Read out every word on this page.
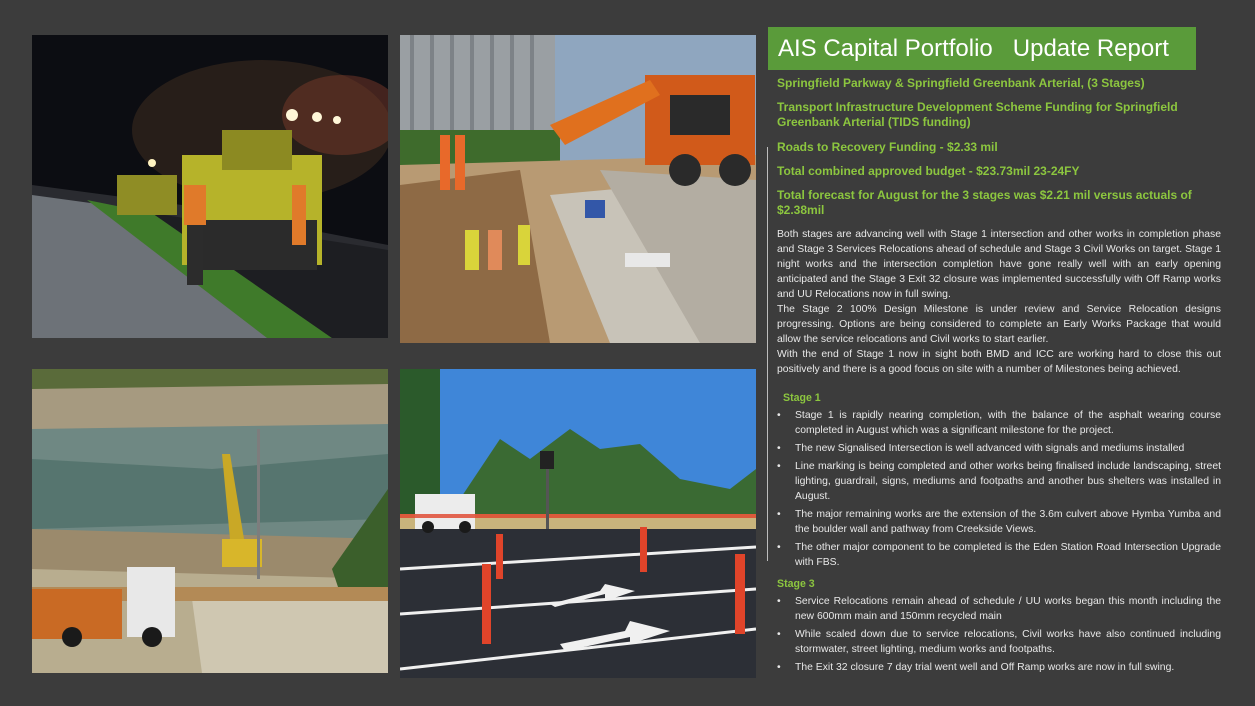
AIS Capital Portfolio   Update Report
Springfield Parkway & Springfield Greenbank Arterial, (3 Stages)
Transport Infrastructure Development Scheme Funding for Springfield Greenbank Arterial (TIDS funding)
Roads to Recovery Funding - $2.33 mil
Total combined approved budget - $23.73mil 23-24FY
Total forecast for August for the 3 stages was $2.21 mil versus actuals of $2.38mil

Both stages are advancing well with Stage 1 intersection and other works in completion phase and Stage 3 Services Relocations ahead of schedule and Stage 3 Civil Works on target. Stage 1 night works and the intersection completion have gone really well with an early opening anticipated and the Stage 3 Exit 32 closure was implemented successfully with Off Ramp works and UU Relocations now in full swing.

The Stage 2 100% Design Milestone is under review and Service Relocation designs progressing. Options are being considered to complete an Early Works Package that would allow the service relocations and Civil works to start earlier.

With the end of Stage 1 now in sight both BMD and ICC are working hard to close this out positively and there is a good focus on site with a number of Milestones being achieved.

Stage 1
• Stage 1 is rapidly nearing completion, with the balance of the asphalt wearing course completed in August which was a significant milestone for the project.
• The new Signalised Intersection is well advanced with signals and mediums installed
• Line marking is being completed and other works being finalised include landscaping, street lighting, guardrail, signs, mediums and footpaths and another bus shelters was installed in August.
• The major remaining works are the extension of the 3.6m culvert above Hymba Yumba and the boulder wall and pathway from Creekside Views.
• The other major component to be completed is the Eden Station Road Intersection Upgrade with FBS.
Stage 3
• Service Relocations remain ahead of schedule / UU works began this month including the new 600mm main and 150mm recycled main
• While scaled down due to service relocations, Civil works have also continued including stormwater, street lighting, medium works and footpaths.
• The Exit 32 closure 7 day trial went well and Off Ramp works are now in full swing.
